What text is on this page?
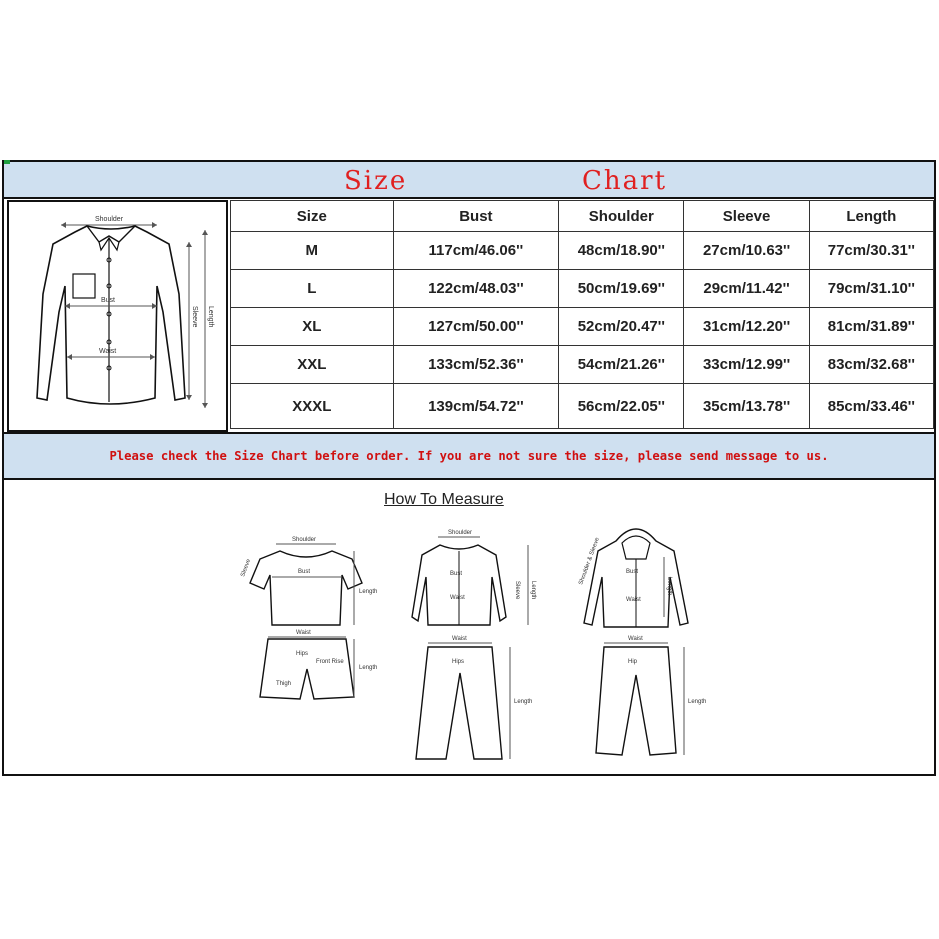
Size	Chart
Shoulder
Bust
Waist
Sleeve Length
Size	Bust	Shoulder	Sleeve	Length
M	117cm/46.06''	48cm/18.90''	27cm/10.63''	77cm/30.31''
L	122cm/48.03''	50cm/19.69''	29cm/11.42''	79cm/31.10''
XL	127cm/50.00''	52cm/20.47''	31cm/12.20''	81cm/31.89''
XXL	133cm/52.36''	54cm/21.26''	33cm/12.99''	83cm/32.68''
XXXL	139cm/54.72''	56cm/22.05''	35cm/13.78''	85cm/33.46''
Please check the Size Chart before order. If you are not sure the size, please send message to us.
How To Measure
Shoulder
Sleeve	Bust
Length
Waist
Hips
Front Rise
Thigh
Length
Shoulder
Bust
Waist	Sleeve Length
Waist
Hips
Length
Shoulder & Sleeve	Bust
Waist
Length
Waist
Hip
Length
